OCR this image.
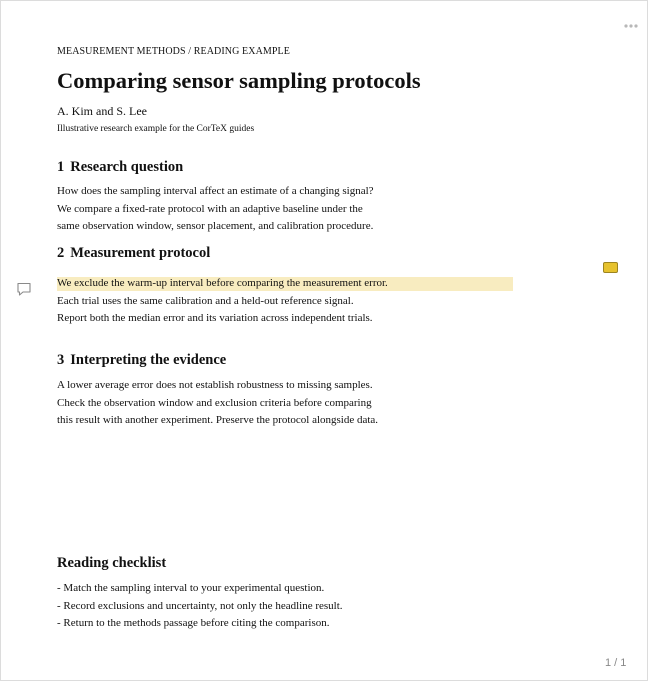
MEASUREMENT METHODS / READING EXAMPLE
Comparing sensor sampling protocols
A. Kim and S. Lee
Illustrative research example for the CorTeX guides
1 Research question
How does the sampling interval affect an estimate of a changing signal?
We compare a fixed-rate protocol with an adaptive baseline under the
same observation window, sensor placement, and calibration procedure.
2 Measurement protocol
We exclude the warm-up interval before comparing the measurement error.
Each trial uses the same calibration and a held-out reference signal.
Report both the median error and its variation across independent trials.
3 Interpreting the evidence
A lower average error does not establish robustness to missing samples.
Check the observation window and exclusion criteria before comparing
this result with another experiment. Preserve the protocol alongside data.
Reading checklist
- Match the sampling interval to your experimental question.
- Record exclusions and uncertainty, not only the headline result.
- Return to the methods passage before citing the comparison.
1 / 1
